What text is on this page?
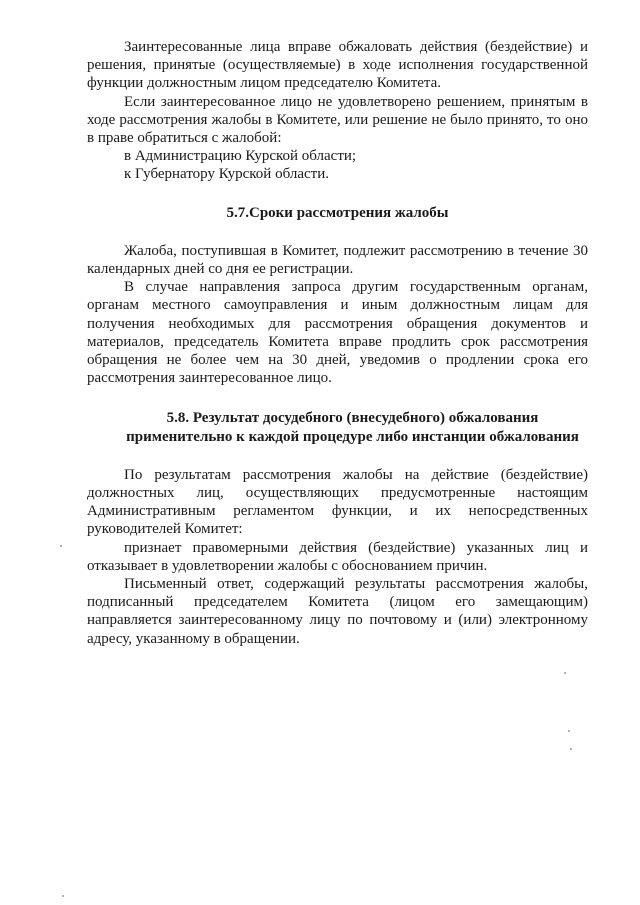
Заинтересованные лица вправе обжаловать действия (бездействие) и решения, принятые (осуществляемые) в ходе исполнения государственной функции должностным лицом председателю Комитета.

Если заинтересованное лицо не удовлетворено решением, принятым в ходе рассмотрения жалобы в Комитете, или решение не было принято, то оно в праве обратиться с жалобой:

в Администрацию Курской области;

к Губернатору Курской области.

5.7.Сроки рассмотрения жалобы

Жалоба, поступившая в Комитет, подлежит рассмотрению в течение 30 календарных дней со дня ее регистрации.

В случае направления запроса другим государственным органам, органам местного самоуправления и иным должностным лицам для получения необходимых для рассмотрения обращения документов и материалов, председатель Комитета вправе продлить срок рассмотрения обращения не более чем на 30 дней, уведомив о продлении срока его рассмотрения заинтересованное лицо.

5.8. Результат досудебного (внесудебного) обжалования
применительно к каждой процедуре либо инстанции обжалования

По результатам рассмотрения жалобы на действие (бездействие) должностных лиц, осуществляющих предусмотренные настоящим Административным регламентом функции, и их непосредственных руководителей Комитет:

признает правомерными действия (бездействие) указанных лиц и отказывает в удовлетворении жалобы с обоснованием причин.

Письменный ответ, содержащий результаты рассмотрения жалобы, подписанный председателем Комитета (лицом его замещающим) направляется заинтересованному лицу по почтовому и (или) электронному адресу, указанному в обращении.
